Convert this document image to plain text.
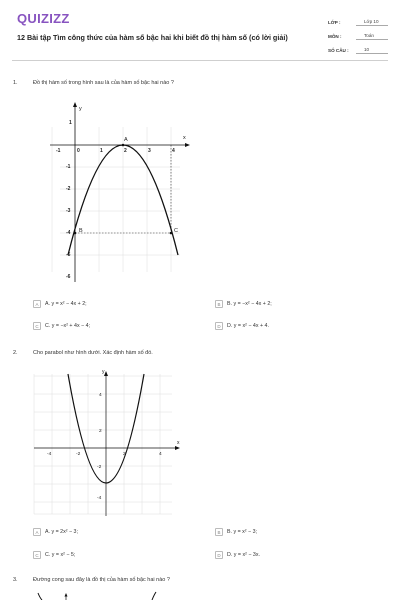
QUIZIZZ
12 Bài tập Tìm công thức của hàm số bậc hai khi biết đồ thị hàm số (có lời giải)
LỚP :	Lớp 10
MÔN :	Toán
SỐ CÂU :	10
1.	Đồ thị hàm số trong hình sau là của hàm số bậc hai nào ?
x
y
-1	0	1	2	3	4
1
-1
-2
-3
-4
-5
-6
A
B	C
A	A. y = x² − 4x + 2;	B	B. y = −x² − 4x + 2;
C	C. y = −x² + 4x − 4;	D	D. y = x² − 4x + 4.
2.	Cho parabol như hình dưới. Xác định hàm số đó.
x
y
-4	-2	2	4
4
2
-2
-4
A	A. y = 2x² − 3;	B	B. y = x² − 3;
C	C. y = x² − 5;	D	D. y = x² − 3x.
3.	Đường cong sau đây là đồ thị của hàm số bậc hai nào ?
